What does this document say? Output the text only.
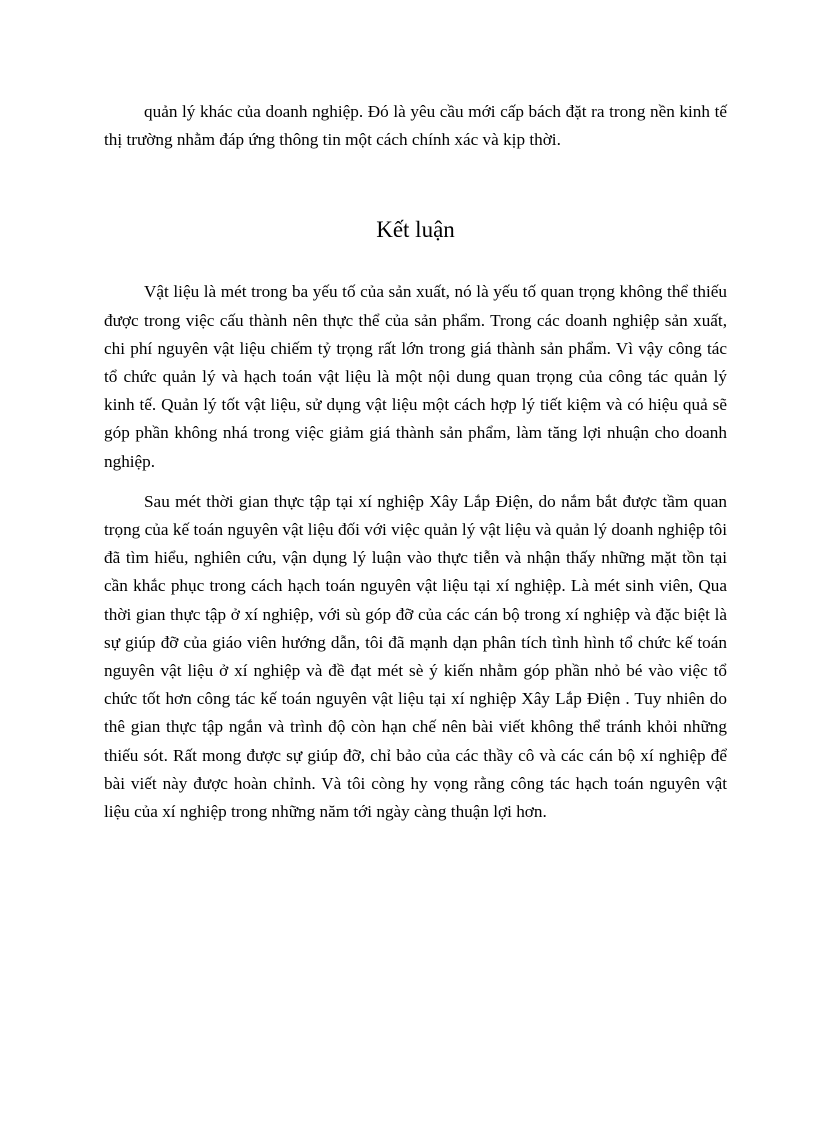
quản lý khác của doanh nghiệp. Đó là yêu cầu mới cấp bách đặt ra trong nền kinh tế thị trường nhằm đáp ứng thông tin một cách chính xác và kịp thời.

Kết luận

Vật liệu là mét trong ba yếu tố của sản xuất, nó là yếu tố quan trọng không thể thiếu được trong việc cấu thành nên thực thể của sản phẩm. Trong các doanh nghiệp sản xuất, chi phí nguyên vật liệu chiếm tỷ trọng rất lớn trong giá thành sản phẩm. Vì vậy công tác tổ chức quản lý và hạch toán vật liệu là một nội dung quan trọng của công tác quản lý kinh tế. Quản lý tốt vật liệu, sử dụng vật liệu một cách hợp lý tiết kiệm và có hiệu quả sẽ góp phần không nhá trong việc giảm giá thành sản phẩm, làm tăng lợi nhuận cho doanh nghiệp.

Sau mét thời gian thực tập tại xí nghiệp Xây Lắp Điện, do nắm bắt được tầm quan trọng của kế toán nguyên vật liệu đối với việc quản lý vật liệu và quản lý doanh nghiệp tôi đã tìm hiểu, nghiên cứu, vận dụng lý luận vào thực tiễn và nhận thấy những mặt tồn tại cần khắc phục trong cách hạch toán nguyên vật liệu tại xí nghiệp. Là mét sinh viên, Qua thời gian thực tập ở xí nghiệp, với sù góp đỡ của các cán bộ trong xí nghiệp và đặc biệt là sự giúp đỡ của giáo viên hướng dẫn, tôi đã mạnh dạn phân tích tình hình tổ chức kế toán nguyên vật liệu ở xí nghiệp và đề đạt mét sè ý kiến nhằm góp phần nhỏ bé vào việc tổ chức tốt hơn công tác kế toán nguyên vật liệu tại xí nghiệp Xây Lắp Điện . Tuy nhiên do thê gian thực tập ngắn và trình độ còn hạn chế nên bài viết không thể tránh khỏi những thiếu sót. Rất mong được sự giúp đỡ, chỉ bảo của các thầy cô và các cán bộ xí nghiệp để bài viết này được hoàn chỉnh. Và tôi còng hy vọng rằng công tác hạch toán nguyên vật liệu của xí nghiệp trong những năm tới ngày càng thuận lợi hơn.
